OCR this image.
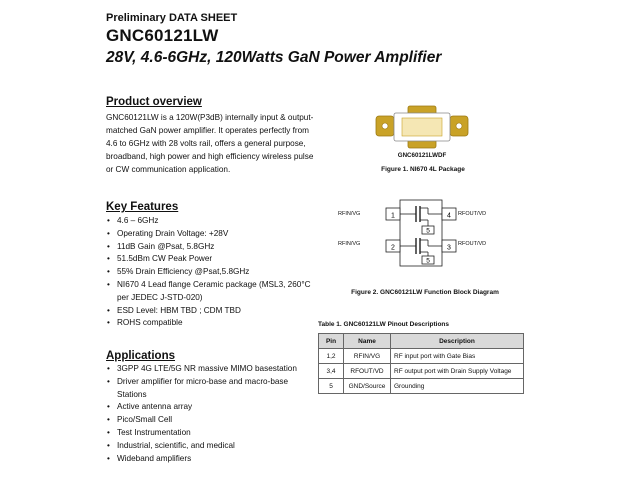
Preliminary DATA SHEET
GNC60121LW
28V, 4.6-6GHz, 120Watts GaN Power Amplifier
Product overview
GNC60121LW is a 120W(P3dB) internally input & output-matched GaN power amplifier. It operates perfectly from 4.6 to 6GHz with 28 volts rail, offers a general purpose, broadband, high power and high efficiency wireless pulse or CW communication application.
Key Features
• 4.6 – 6GHz
• Operating Drain Voltage: +28V
• 11dB Gain @Psat, 5.8GHz
• 51.5dBm CW Peak Power
• 55% Drain Efficiency @Psat,5.8GHz
• NI670 4 Lead flange Ceramic package (MSL3, 260°C per JEDEC J-STD-020)
• ESD Level: HBM TBD ; CDM TBD
• ROHS compatible
Applications
• 3GPP 4G LTE/5G NR massive MIMO basestation
• Driver amplifier for micro-base and macro-base Stations
• Active antenna array
• Pico/Small Cell
• Test Instrumentation
• Industrial, scientific, and medical
• Wideband amplifiers
GNC60121LWDF
Figure 1. NI670 4L Package
RFIN/VG
RFIN/VG
RFOUT/VD
RFOUT/VD
1
2
4
3
5
5
Figure 2. GNC60121LW Function Block Diagram
Table 1. GNC60121LW Pinout Descriptions
Pin	Name	Description
1,2	RFIN/VG	RF input port with Gate Bias
3,4	RFOUT/VD	RF output port with Drain Supply Voltage
5	GND/Source	Grounding
